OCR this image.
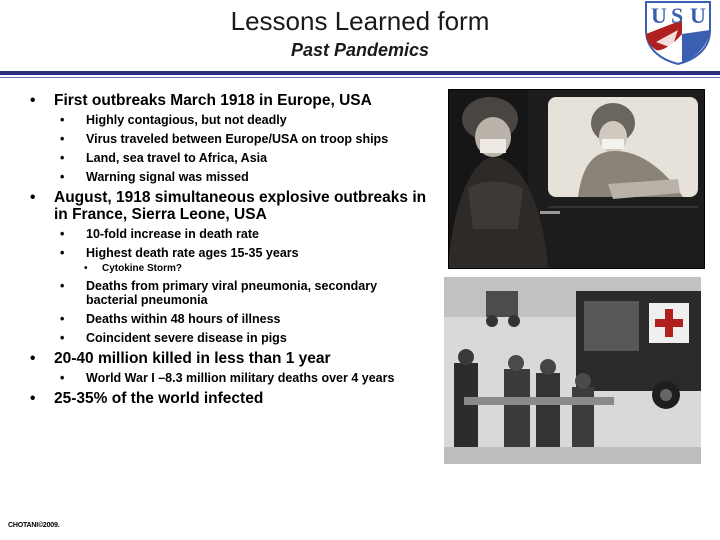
Lessons Learned form
Past Pandemics
U S U
• First outbreaks March 1918 in Europe, USA
• Highly contagious, but not deadly
• Virus traveled between Europe/USA on troop ships
• Land, sea travel to Africa, Asia
• Warning signal was missed
• August, 1918 simultaneous explosive outbreaks in in France, Sierra Leone, USA
• 10-fold increase in death rate
• Highest death rate ages 15-35 years
• Cytokine Storm?
• Deaths from primary viral pneumonia, secondary bacterial pneumonia
• Deaths within 48 hours of illness
• Coincident severe disease in pigs
• 20-40 million killed in less than 1 year
• World War I –8.3 million military deaths over 4 years
• 25-35% of the world infected
CHOTANI©2009.
